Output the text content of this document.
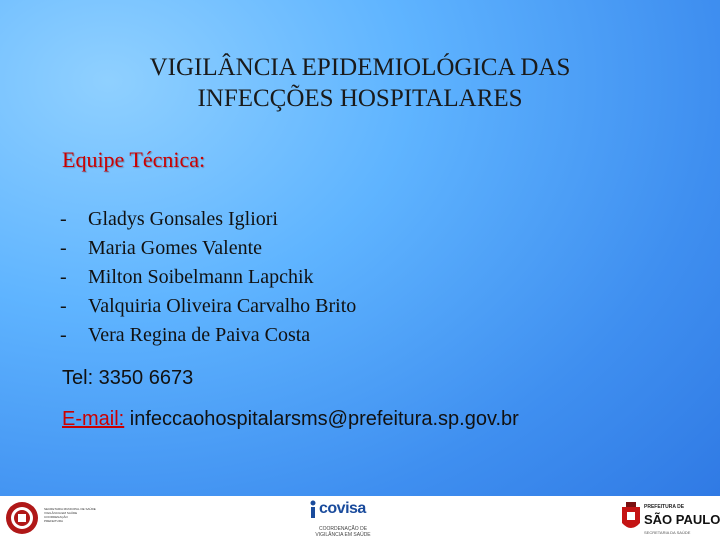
VIGILÂNCIA EPIDEMIOLÓGICA DAS
INFECÇÕES HOSPITALARES
Equipe Técnica:
- Gladys Gonsales Igliori
- Maria Gomes Valente
- Milton Soibelmann Lapchik
- Valquiria Oliveira Carvalho Brito
- Vera Regina de Paiva Costa
Tel: 3350 6673
E-mail: infeccaohospitalarsms@prefeitura.sp.gov.br
SECRETARIA MUNICIPAL DE SAÚDE
VIGILÂNCIA EM SAÚDE
COORDENAÇÃO
PREFEITURA
covisa
COORDENAÇÃO DE VIGILÂNCIA EM SAÚDE
PREFEITURA DE
SÃO PAULO
SECRETARIA DA SAÚDE
